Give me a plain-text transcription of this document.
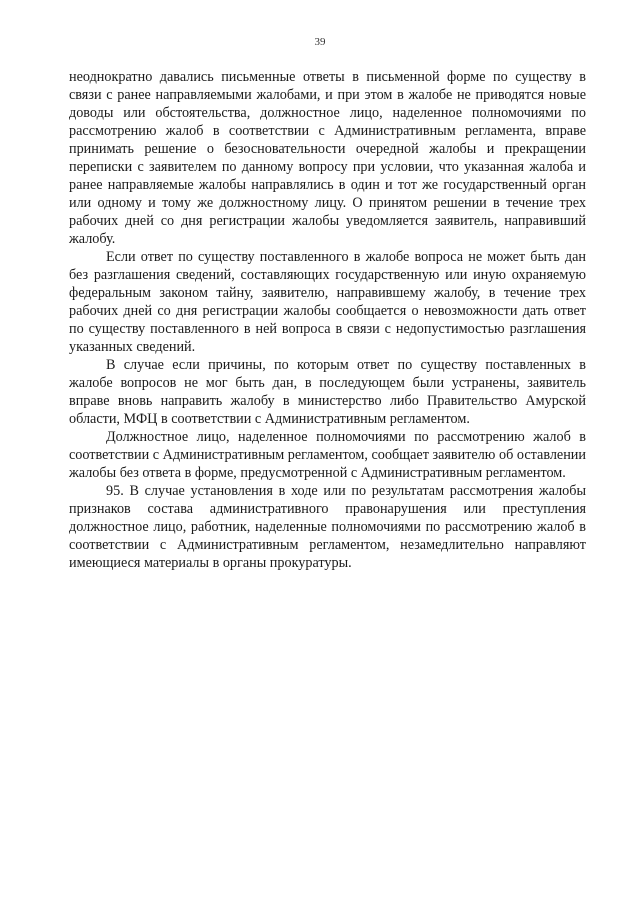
39

неоднократно давались письменные ответы в письменной форме по существу в связи с ранее направляемыми жалобами, и при этом в жалобе не приводятся новые доводы или обстоятельства, должностное лицо, наделенное полномочиями по рассмотрению жалоб в соответствии с Административным регламента, вправе принимать решение о безосновательности очередной жалобы и прекращении переписки с заявителем по данному вопросу при условии, что указанная жалоба и ранее направляемые жалобы направлялись в один и тот же государственный орган или одному и тому же должностному лицу. О принятом решении в течение трех рабочих дней со дня регистрации жалобы уведомляется заявитель, направивший жалобу.

Если ответ по существу поставленного в жалобе вопроса не может быть дан без разглашения сведений, составляющих государственную или иную охраняемую федеральным законом тайну, заявителю, направившему жалобу, в течение трех рабочих дней со дня регистрации жалобы сообщается о невозможности дать ответ по существу поставленного в ней вопроса в связи с недопустимостью разглашения указанных сведений.

В случае если причины, по которым ответ по существу поставленных в жалобе вопросов не мог быть дан, в последующем были устранены, заявитель вправе вновь направить жалобу в министерство либо Правительство Амурской области, МФЦ в соответствии с Административным регламентом.

Должностное лицо, наделенное полномочиями по рассмотрению жалоб в соответствии с Административным регламентом, сообщает заявителю об оставлении жалобы без ответа в форме, предусмотренной с Административным регламентом.

95. В случае установления в ходе или по результатам рассмотрения жалобы признаков состава административного правонарушения или преступления должностное лицо, работник, наделенные полномочиями по рассмотрению жалоб в соответствии с Административным регламентом, незамедлительно направляют имеющиеся материалы в органы прокуратуры.
